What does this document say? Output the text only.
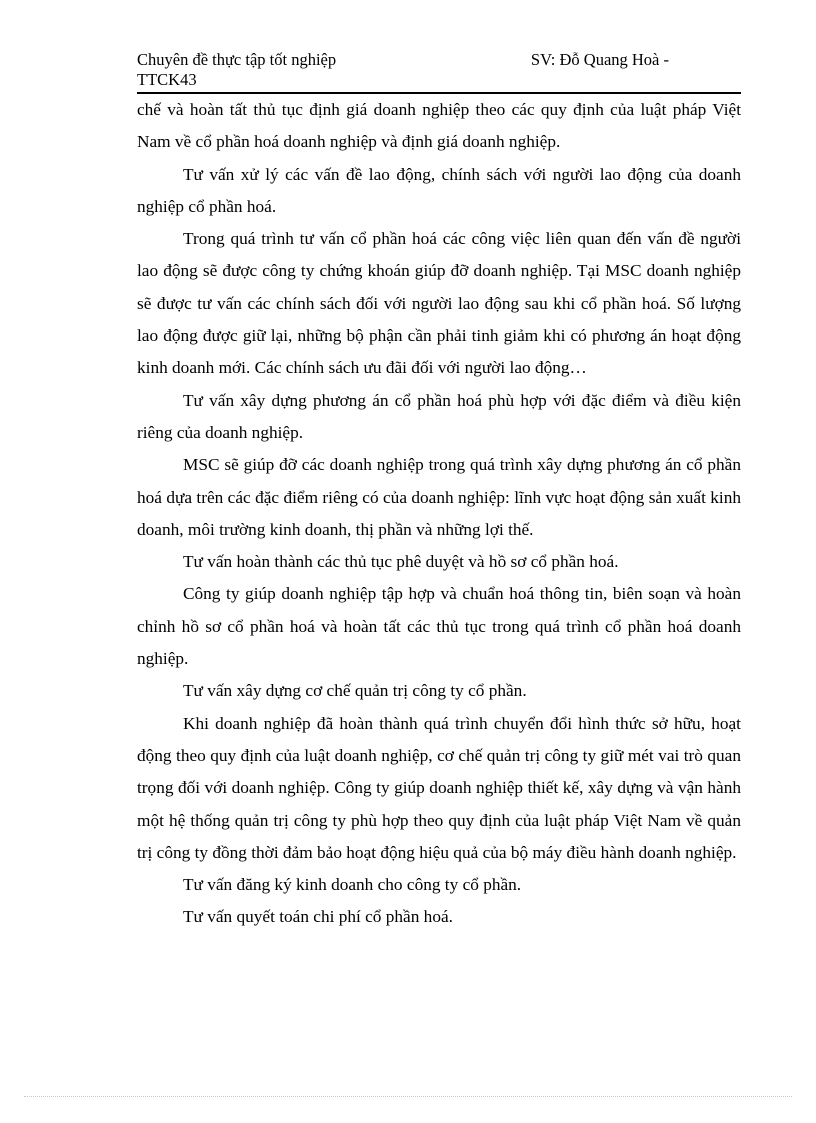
Chuyên đề thực tập tốt nghiệp	SV: Đỗ Quang Hoà -
TTCK43

chế và hoàn tất thủ tục định giá doanh nghiệp theo các quy định của luật pháp Việt Nam về cổ phần hoá doanh nghiệp và định giá doanh nghiệp.

Tư vấn xử lý các vấn đề lao động, chính sách với người lao động của doanh nghiệp cổ phần hoá.

Trong quá trình tư vấn cổ phần hoá các công việc liên quan đến vấn đề người lao động sẽ được công ty chứng khoán giúp đỡ doanh nghiệp. Tại MSC doanh nghiệp sẽ được tư vấn các chính sách đối với người lao động sau khi cổ phần hoá. Số lượng lao động được giữ lại, những bộ phận cần phải tinh giảm khi có phương án hoạt động kinh doanh mới. Các chính sách ưu đãi đối với người lao động…

Tư vấn xây dựng phương án cổ phần hoá phù hợp với đặc điểm và điều kiện riêng của doanh nghiệp.

MSC sẽ giúp đỡ các doanh nghiệp trong quá trình xây dựng phương án cổ phần hoá dựa trên các đặc điểm riêng có của doanh nghiệp: lĩnh vực hoạt động sản xuất kinh doanh, môi trường kinh doanh, thị phần và những lợi thế.

Tư vấn hoàn thành các thủ tục phê duyệt và hồ sơ cổ phần hoá.

Công ty giúp doanh nghiệp tập hợp và chuẩn hoá thông tin, biên soạn và hoàn chỉnh hồ sơ cổ phần hoá và hoàn tất các thủ tục trong quá trình cổ phần hoá doanh nghiệp.

Tư vấn xây dựng cơ chế quản trị công ty cổ phần.

Khi doanh nghiệp đã hoàn thành quá trình chuyển đổi hình thức sở hữu, hoạt động theo quy định của luật doanh nghiệp, cơ chế quản trị công ty giữ mét vai trò quan trọng đối với doanh nghiệp. Công ty giúp doanh nghiệp thiết kế, xây dựng và vận hành một hệ thống quản trị công ty phù hợp theo quy định của luật pháp Việt Nam về quản trị công ty đồng thời đảm bảo hoạt động hiệu quả của bộ máy điều hành doanh nghiệp.

Tư vấn đăng ký kinh doanh cho công ty cổ phần.

Tư vấn quyết toán chi phí cổ phần hoá.
